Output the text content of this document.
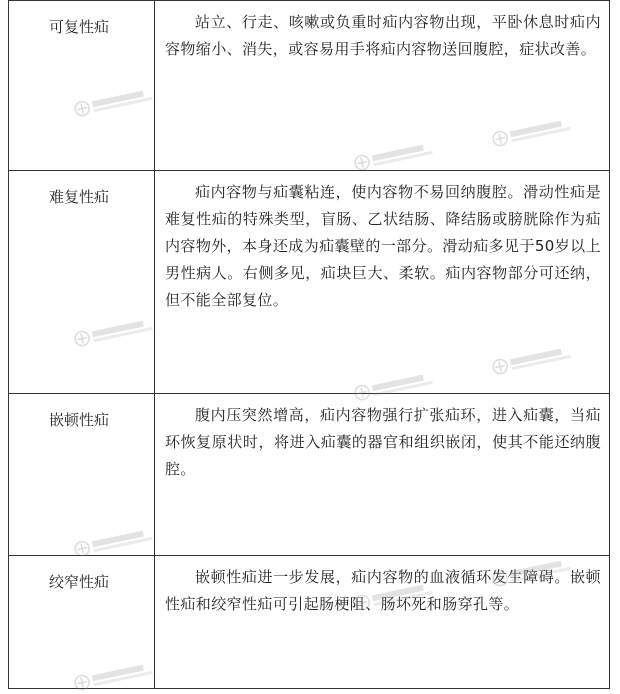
可复性疝	站立、行走、咳嗽或负重时疝内容物出现，平卧休息时疝内容物缩小、消失，或容易用手将疝内容物送回腹腔，症状改善。

难复性疝	疝内容物与疝囊粘连，使内容物不易回纳腹腔。滑动性疝是难复性疝的特殊类型，盲肠、乙状结肠、降结肠或膀胱除作为疝内容物外，本身还成为疝囊壁的一部分。滑动疝多见于50岁以上男性病人。右侧多见，疝块巨大、柔软。疝内容物部分可还纳，但不能全部复位。

嵌顿性疝	腹内压突然增高，疝内容物强行扩张疝环，进入疝囊，当疝环恢复原状时，将进入疝囊的器官和组织嵌闭，使其不能还纳腹腔。

绞窄性疝	嵌顿性疝进一步发展，疝内容物的血液循环发生障碍。嵌顿性疝和绞窄性疝可引起肠梗阻、肠坏死和肠穿孔等。
